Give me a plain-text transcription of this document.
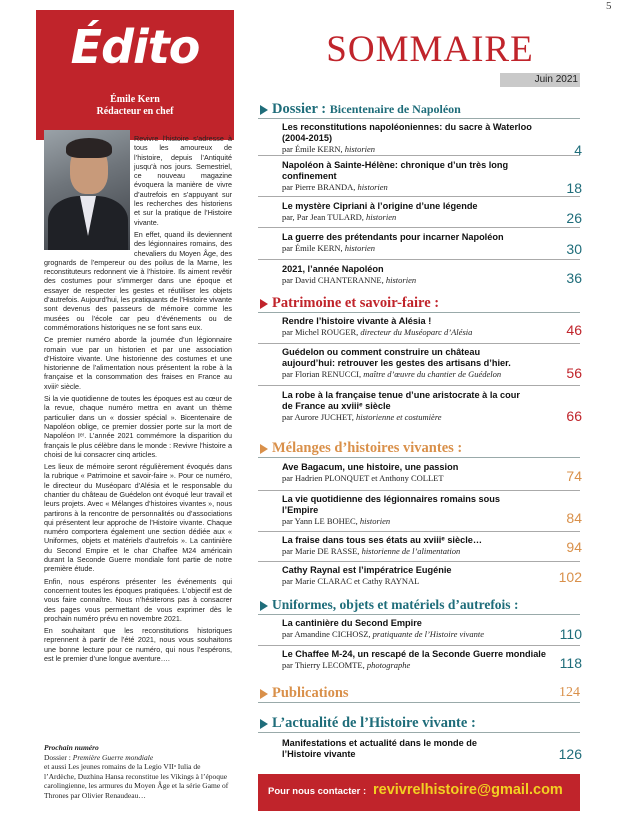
5
Édito
Émile Kern
Rédacteur en chef

Revivre l’histoire s’adresse à tous les amoureux de l’histoire, depuis l’Antiquité jusqu’à nos jours. Semestriel, ce nouveau magazine évoquera la manière de vivre d’autrefois en s’appuyant sur les recherches des historiens et sur la pratique de l’Histoire vivante.

En effet, quand ils deviennent des légionnaires romains, des chevaliers du Moyen Âge, des grognards de l’empereur ou des poilus de la Marne, les reconstituteurs redonnent vie à l’histoire. Ils aiment revêtir des costumes pour s’immerger dans une époque et essayer de respecter les gestes et réutiliser les objets d’autrefois. Aujourd’hui, les pratiquants de l’Histoire vivante sont devenus des passeurs de mémoire comme les musées ou l’école car peu d’événements ou de commémorations historiques ne se font sans eux.

Ce premier numéro aborde la journée d’un légionnaire romain vue par un historien et par une association d’Histoire vivante. Une historienne des costumes et une historienne de l’alimentation nous présentent la robe à la française et la consommation des fraises en France au xviiiᵉ siècle.

Si la vie quotidienne de toutes les époques est au cœur de la revue, chaque numéro mettra en avant un thème particulier dans un « dossier spécial ». Bicentenaire de Napoléon oblige, ce premier dossier porte sur la mort de Napoléon Iᵉʳ. L’année 2021 commémore la disparition du français le plus célèbre dans le monde : Revivre l’histoire a choisi de lui consacrer cinq articles.

Les lieux de mémoire seront régulièrement évoqués dans la rubrique « Patrimoine et savoir-faire ». Pour ce numéro, le directeur du Muséoparc d’Alésia et le responsable du chantier du château de Guédelon ont évoqué leur travail et leurs projets. Avec « Mélanges d’histoires vivantes », nous partirons à la rencontre de personnalités ou d’associations qui présentent leur approche de l’Histoire vivante. Chaque numéro comportera également une section dédiée aux « Uniformes, objets et matériels d’autrefois ». La cantinière du Second Empire et le char Chaffee M24 américain durant la Seconde Guerre mondiale font partie de notre première étude.

Enfin, nous espérons présenter les événements qui concernent toutes les époques pratiquées. L’objectif est de vous faire connaître. Nous n’hésiterons pas à consacrer des pages vous permettant de vous exprimer dès le prochain numéro prévu en novembre 2021.

En souhaitant que les reconstitutions historiques reprennent à partir de l’été 2021, nous vous souhaitons une bonne lecture pour ce numéro, qui nous l’espérons, est le premier d’une longue aventure….

Prochain numéro
Dossier : Première Guerre mondiale
et aussi Les jeunes romains de la Legio VIIᵃ Iulia de l’Ardèche, Duzhina Hansa reconstitue les Vikings à l’époque carolingienne, les armures du Moyen Âge et la série Game of Thrones par Olivier Renaudeau…
SOMMAIRE
Juin 2021
Dossier : Bicentenaire de Napoléon
Les reconstitutions napoléoniennes: du sacre à Waterloo (2004-2015)
par Émile KERN, historien	4
Napoléon à Sainte-Hélène: chronique d’un très long confinement
par Pierre BRANDA, historien	18
Le mystère Cipriani à l’origine d’une légende
par, Par Jean TULARD, historien	26
La guerre des prétendants pour incarner Napoléon
par Émile KERN, historien	30
2021, l’année Napoléon
par David CHANTERANNE, historien	36
Patrimoine et savoir-faire :
Rendre l’histoire vivante à Alésia !
par Michel ROUGER, directeur du Muséoparc d’Alésia	46
Guédelon ou comment construire un château aujourd’hui: retrouver les gestes des artisans d’hier.
par Florian RENUCCI, maître d’œuvre du chantier de Guédelon	56
La robe à la française tenue d’une aristocrate à la cour de France au xviiiᵉ siècle
par Aurore JUCHET, historienne et costumière	66
Mélanges d’histoires vivantes :
Ave Bagacum, une histoire, une passion
par Hadrien PLONQUET et Anthony COLLET	74
La vie quotidienne des légionnaires romains sous l’Empire
par Yann LE BOHEC, historien	84
La fraise dans tous ses états au xviiiᵉ siècle…
par Marie DE RASSE, historienne de l’alimentation	94
Cathy Raynal est l’impératrice Eugénie
par Marie CLARAC et Cathy RAYNAL	102
Uniformes, objets et matériels d’autrefois :
La cantinière du Second Empire
par Amandine CICHOSZ, pratiquante de l’Histoire vivante	110
Le Chaffee M-24, un rescapé de la Seconde Guerre mondiale
par Thierry LECOMTE, photographe	118
Publications	124
L’actualité de l’Histoire vivante :
Manifestations et actualité dans le monde de l’Histoire vivante	126
Pour nous contacter : revivrelhistoire@gmail.com
